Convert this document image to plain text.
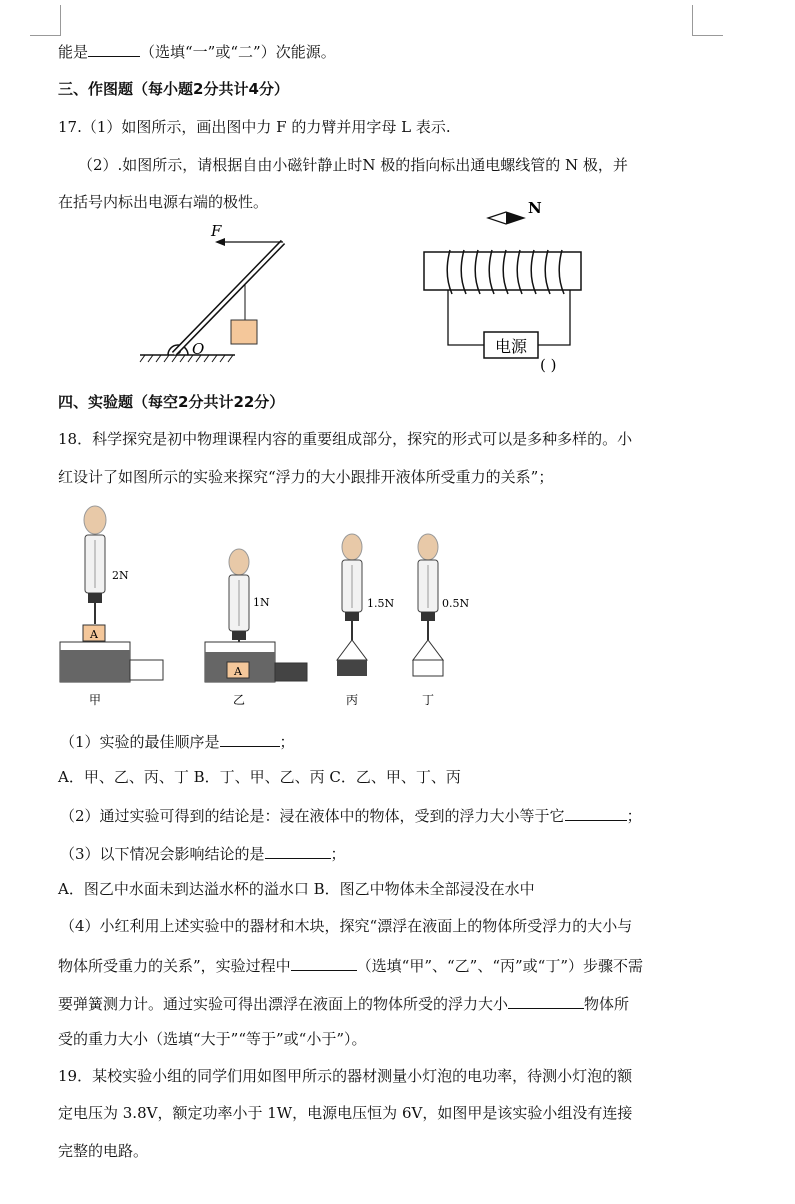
能是	（选填“一”或“二”）次能源。
三、作图题（每小题2分共计4分）
17.（1）如图所示，画出图中力 F 的力臂并用字母 L 表示.
（2）.如图所示，请根据自由小磁针静止时N 极的指向标出通电螺线管的 N 极，并
在括号内标出电源右端的极性。
F
O
N
电源
( )
四、实验题（每空2分共计22分）
18．科学探究是初中物理课程内容的重要组成部分，探究的形式可以是多种多样的。小
红设计了如图所示的实验来探究“浮力的大小跟排开液体所受重力的关系”；
A
2N
甲
A
1N
乙
1.5N
丙
0.5N
丁
（1）实验的最佳顺序是	；
A．甲、乙、丙、丁 B．丁、甲、乙、丙 C．乙、甲、丁、丙
（2）通过实验可得到的结论是：浸在液体中的物体，受到的浮力大小等于它	；
（3）以下情况会影响结论的是	；
A．图乙中水面未到达溢水杯的溢水口 B．图乙中物体未全部浸没在水中
（4）小红利用上述实验中的器材和木块，探究“漂浮在液面上的物体所受浮力的大小与
物体所受重力的关系”，实验过程中	（选填“甲”、“乙”、“丙”或“丁”）步骤不需
要弹簧测力计。通过实验可得出漂浮在液面上的物体所受的浮力大小	物体所
受的重力大小（选填“大于”“等于”或“小于”）。
19．某校实验小组的同学们用如图甲所示的器材测量小灯泡的电功率，待测小灯泡的额
定电压为 3.8V，额定功率小于 1W，电源电压恒为 6V，如图甲是该实验小组没有连接
完整的电路。
